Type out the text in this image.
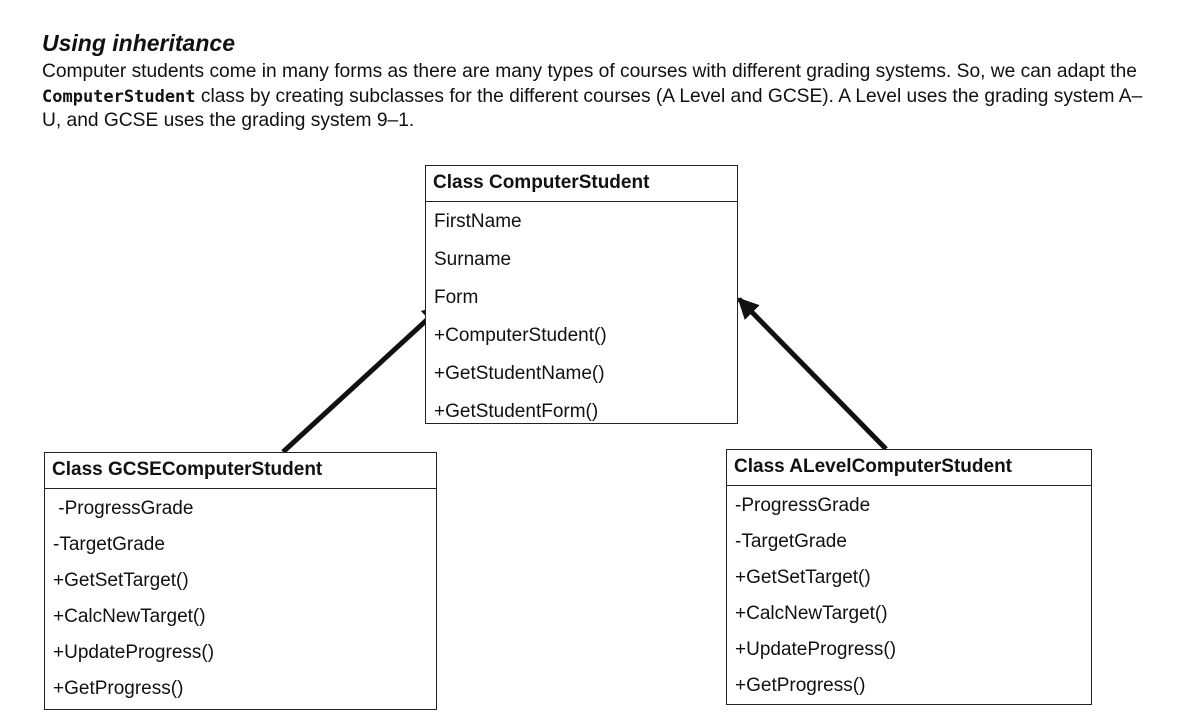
Using inheritance

Computer students come in many forms as there are many types of courses with different grading systems. So, we can adapt the ComputerStudent class by creating subclasses for the different courses (A Level and GCSE). A Level uses the grading system A–U, and GCSE uses the grading system 9–1.

Class ComputerStudent
FirstName
Surname
Form
+ComputerStudent()
+GetStudentName()
+GetStudentForm()
Class GCSEComputerStudent
-ProgressGrade
-TargetGrade
+GetSetTarget()
+CalcNewTarget()
+UpdateProgress()
+GetProgress()
Class ALevelComputerStudent
-ProgressGrade
-TargetGrade
+GetSetTarget()
+CalcNewTarget()
+UpdateProgress()
+GetProgress()
